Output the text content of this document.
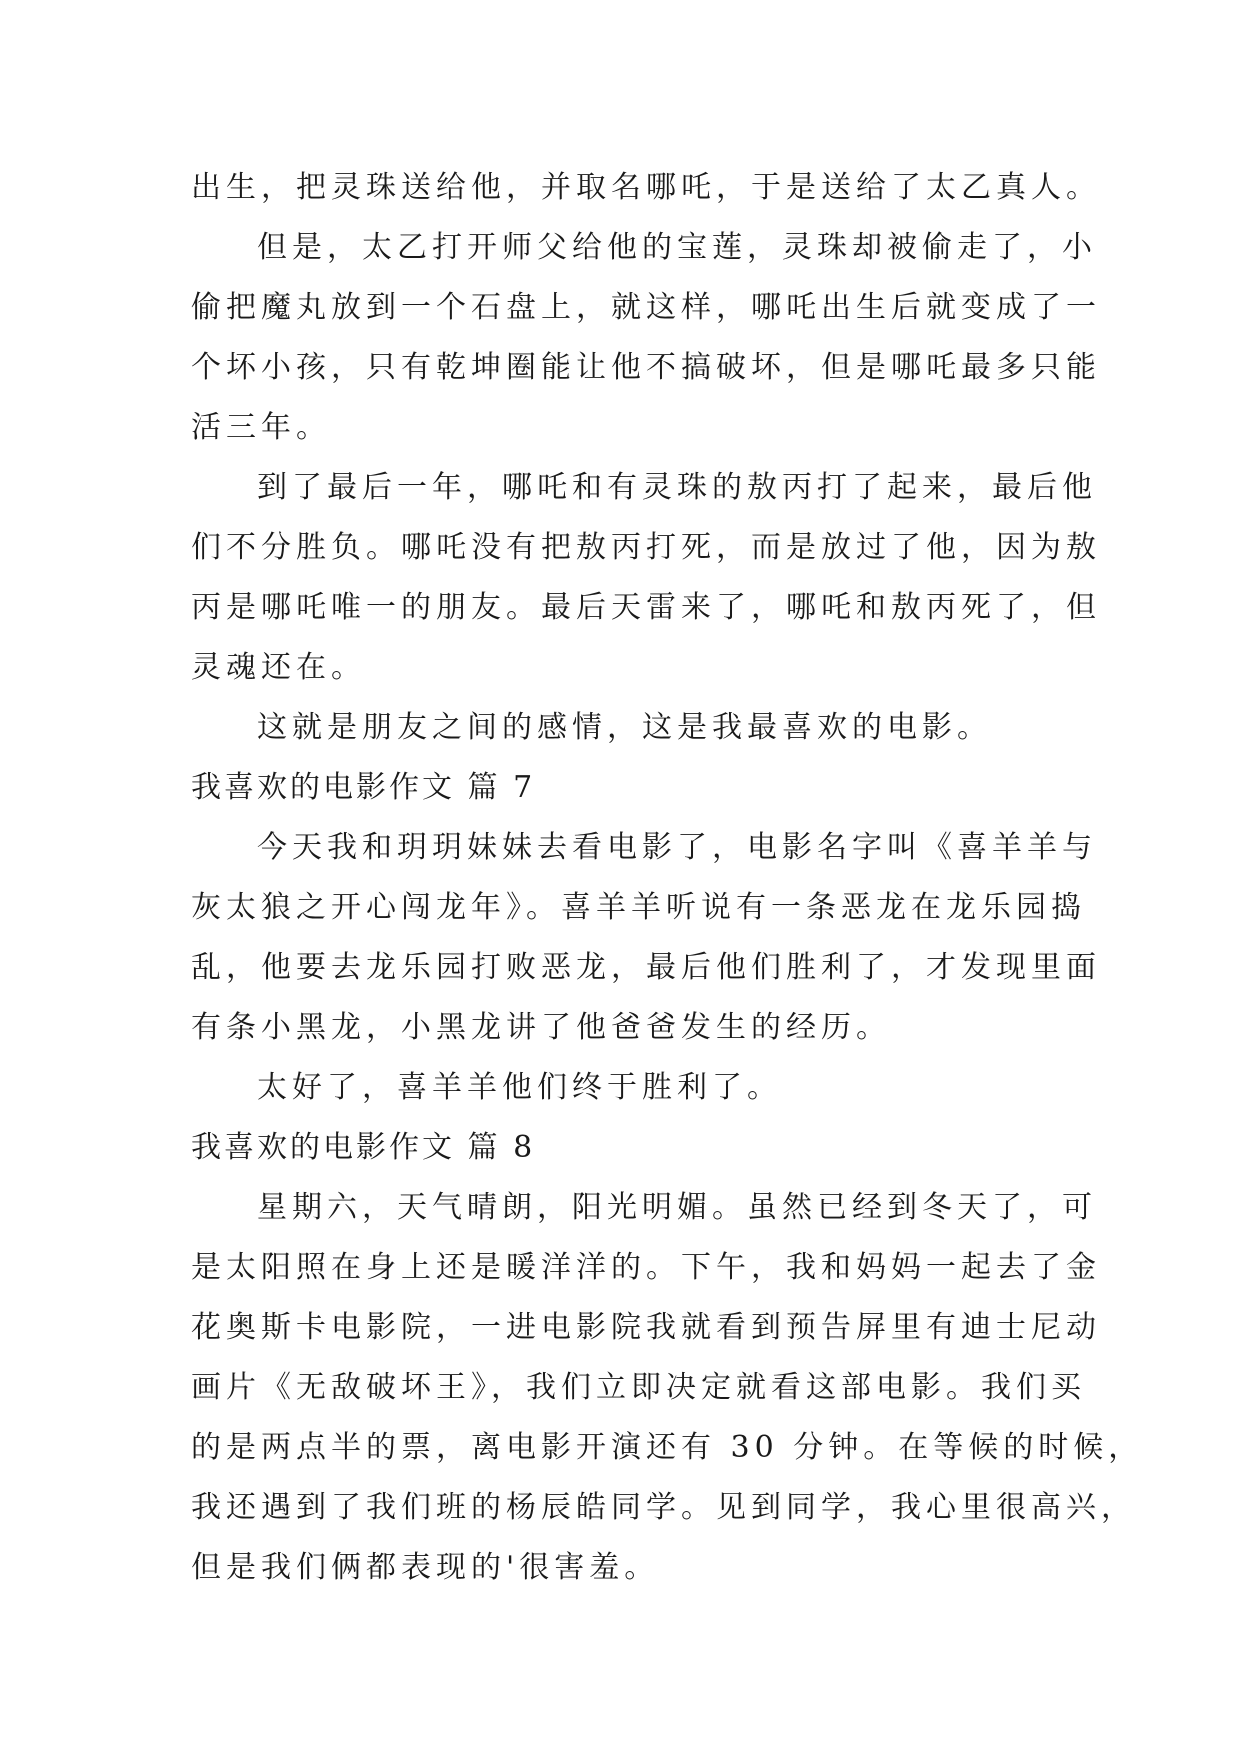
出生，把灵珠送给他，并取名哪吒，于是送给了太乙真人。
但是，太乙打开师父给他的宝莲，灵珠却被偷走了，小
偷把魔丸放到一个石盘上，就这样，哪吒出生后就变成了一
个坏小孩，只有乾坤圈能让他不搞破坏，但是哪吒最多只能
活三年。
到了最后一年，哪吒和有灵珠的敖丙打了起来，最后他
们不分胜负。哪吒没有把敖丙打死，而是放过了他，因为敖
丙是哪吒唯一的朋友。最后天雷来了，哪吒和敖丙死了，但
灵魂还在。
这就是朋友之间的感情，这是我最喜欢的电影。
我喜欢的电影作文 篇 7
今天我和玥玥妹妹去看电影了，电影名字叫《喜羊羊与
灰太狼之开心闯龙年》。喜羊羊听说有一条恶龙在龙乐园捣
乱，他要去龙乐园打败恶龙，最后他们胜利了，才发现里面
有条小黑龙，小黑龙讲了他爸爸发生的经历。
太好了，喜羊羊他们终于胜利了。
我喜欢的电影作文 篇 8
星期六，天气晴朗，阳光明媚。虽然已经到冬天了，可
是太阳照在身上还是暖洋洋的。下午，我和妈妈一起去了金
花奥斯卡电影院，一进电影院我就看到预告屏里有迪士尼动
画片《无敌破坏王》，我们立即决定就看这部电影。我们买
的是两点半的票，离电影开演还有 30 分钟。在等候的时候，
我还遇到了我们班的杨辰皓同学。见到同学，我心里很高兴，
但是我们俩都表现的'很害羞。
